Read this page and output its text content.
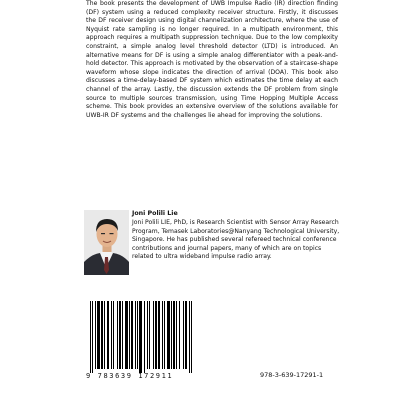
The book presents the development of UWB Impulse Radio (IR) direction finding (DF) system using a reduced complexity receiver structure. Firstly, it discusses the DF receiver design using digital channelization architecture, where the use of Nyquist rate sampling is no longer required. In a multipath environment, this approach requires a multipath suppression technique. Due to the low complexity constraint, a simple analog level threshold detector (LTD) is introduced. An alternative means for DF is using a simple analog differentiator with a peak-and-hold detector. This approach is motivated by the observation of a staircase-shape waveform whose slope indicates the direction of arrival (DOA). This book also discusses a time-delay-based DF system which estimates the time delay at each channel of the array. Lastly, the discussion extends the DF problem from single source to multiple sources transmission, using Time Hopping Multiple Access scheme. This book provides an extensive overview of the solutions available for UWB-IR DF systems and the challenges lie ahead for improving the solutions.

Joni Polili Lie

Joni Polili LIE, PhD, is Research Scientist with Sensor Array Research Program, Temasek Laboratories@Nanyang Technological University, Singapore. He has published several refereed technical conference contributions and journal papers, many of which are on topics related to ultra wideband impulse radio array.

9 783639 172911	978-3-639-17291-1
